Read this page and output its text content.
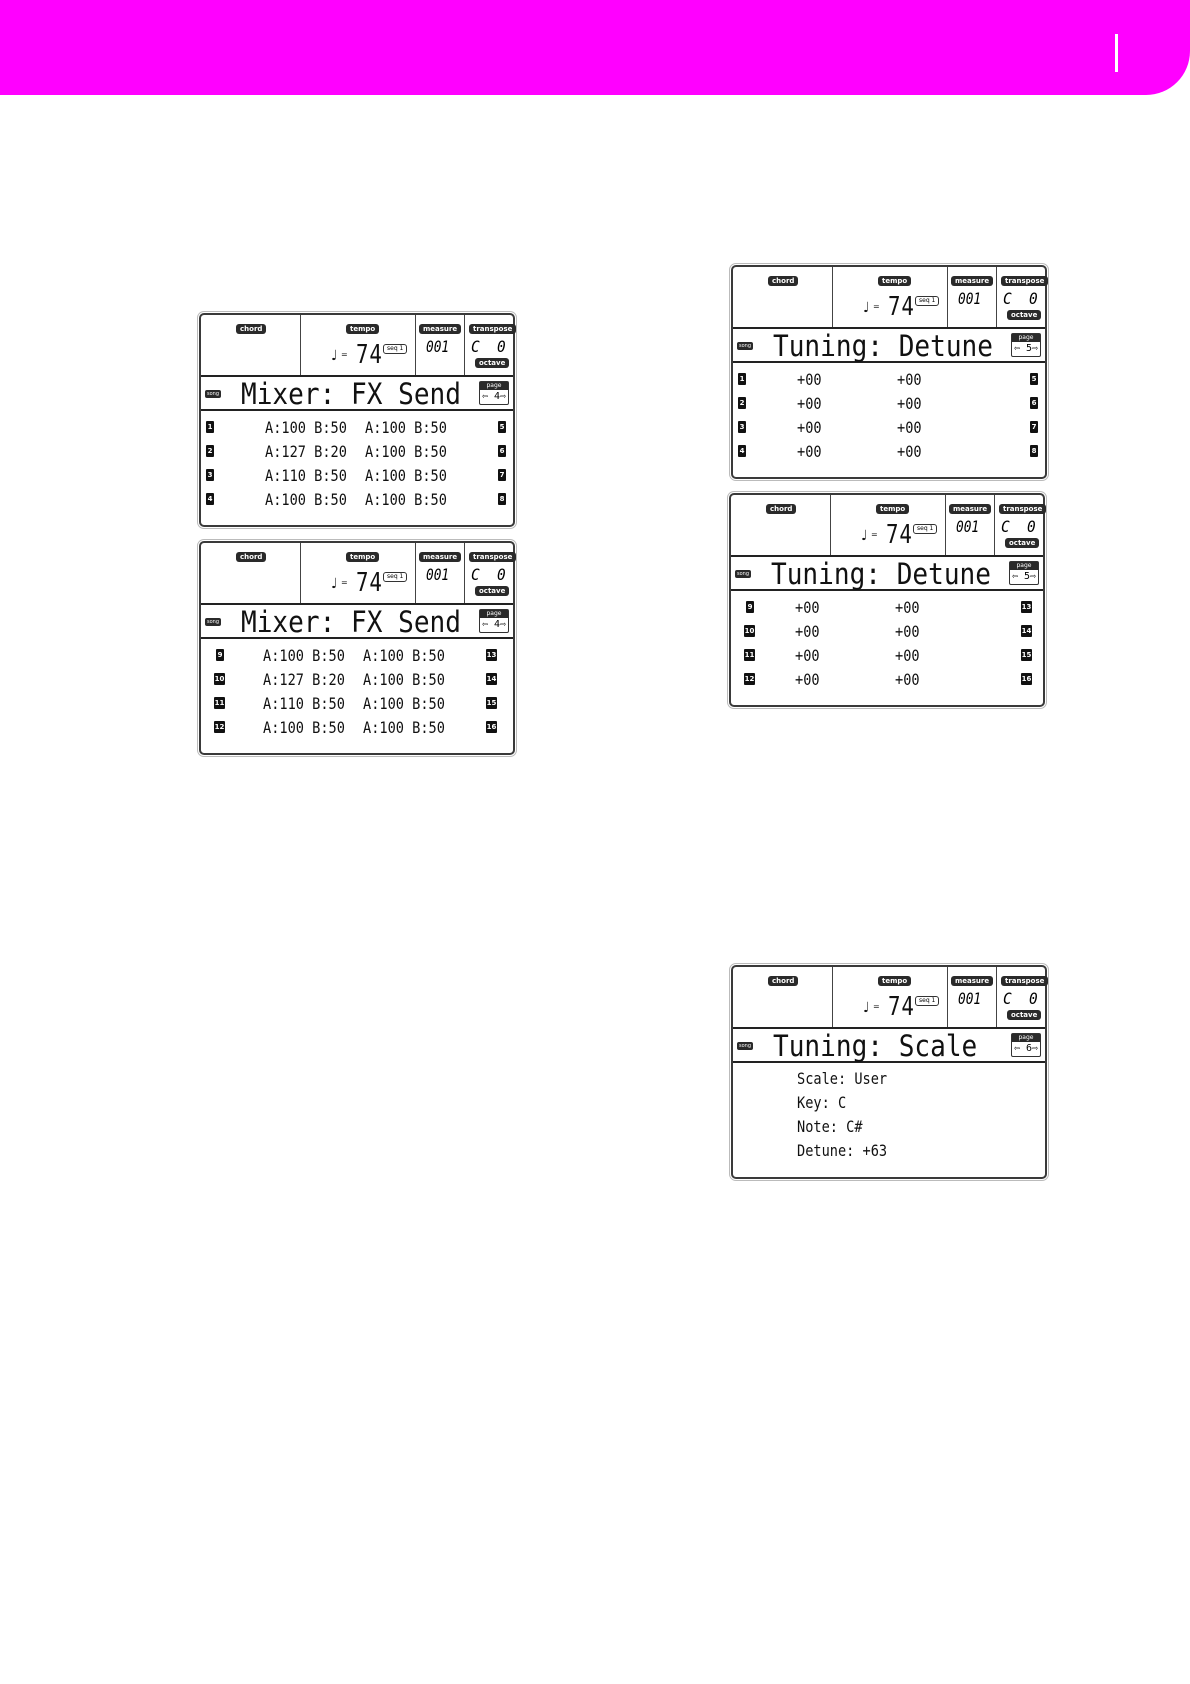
chord	tempo
♩ = 74 seq 1
measure
001
transpose
C  0
octave
song Mixer: FX Send	page
⇦ 4⇨
1	A:100 B:50 A:100 B:50	5
2	A:127 B:20 A:100 B:50	6
3	A:110 B:50 A:100 B:50	7
4	A:100 B:50 A:100 B:50	8
chord	tempo
♩ = 74 seq 1
measure
001
transpose
C  0
octave
song Mixer: FX Send	page
⇦ 4⇨
9	A:100 B:50 A:100 B:50	13
10 A:127 B:20 A:100 B:50	14
11 A:110 B:50 A:100 B:50	15
12 A:100 B:50 A:100 B:50	16
chord	tempo
♩ = 74 seq 1
measure
001
transpose
C  0
octave
song Tuning: Detune	page
⇦ 5⇨
1	+00	+00	5
2	+00	+00	6
3	+00	+00	7
4	+00	+00	8
chord	tempo
♩ = 74 seq 1
measure
001
transpose
C  0
octave
song Tuning: Detune	page
⇦ 5⇨
9	+00	+00	13
10	+00	+00	14
11	+00	+00	15
12	+00	+00	16
chord	tempo
♩ = 74 seq 1
measure
001
transpose
C  0
octave
song Tuning: Scale	page
⇦ 6⇨
Scale: User
Key: C
Note: C#
Detune: +63
